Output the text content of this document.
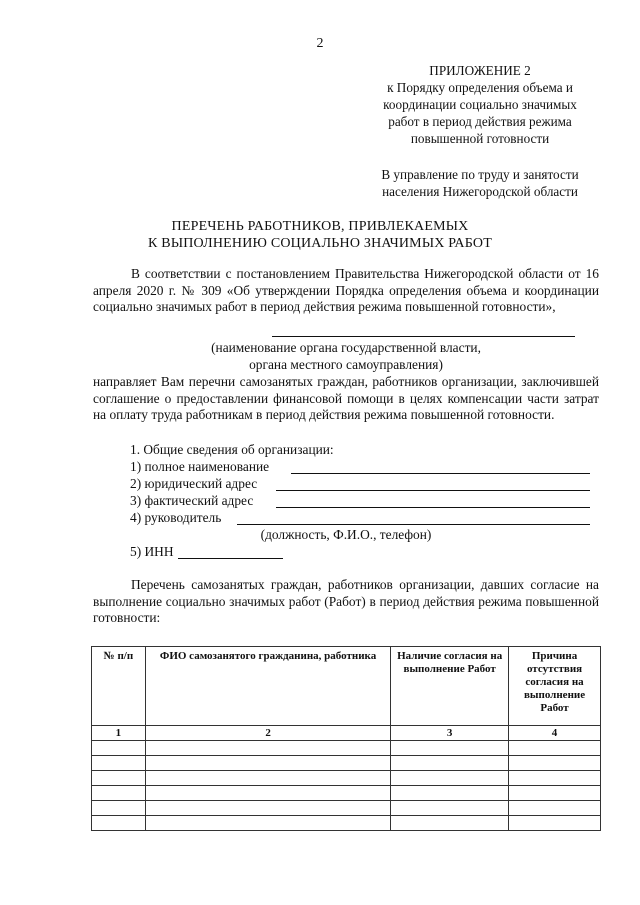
2
ПРИЛОЖЕНИЕ 2
к Порядку определения объема и
координации социально значимых
работ в период действия режима
повышенной готовности
В управление по труду и занятости
населения Нижегородской области
ПЕРЕЧЕНЬ РАБОТНИКОВ, ПРИВЛЕКАЕМЫХ
К ВЫПОЛНЕНИЮ СОЦИАЛЬНО ЗНАЧИМЫХ РАБОТ
В соответствии с постановлением Правительства Нижегородской области от 16 апреля 2020 г. № 309 «Об утверждении Порядка определения объема и координации социально значимых работ в период действия режима повышенной готовности»,
(наименование органа государственной власти,
органа местного самоуправления)
направляет Вам перечни самозанятых граждан, работников организации, заключившей соглашение о предоставлении финансовой помощи в целях компенсации части затрат на оплату труда работникам в период действия режима повышенной готовности.
1. Общие сведения об организации:
1) полное наименование
2) юридический адрес
3) фактический адрес
4) руководитель
(должность, Ф.И.О., телефон)
5) ИНН
Перечень самозанятых граждан, работников организации, давших согласие на выполнение социально значимых работ (Работ) в период действия режима повышенной готовности:
№ п/п	ФИО самозанятого гражданина, работника	Наличие согласия на выполнение Работ	Причина отсутствия согласия на выполнение Работ
1	2	3	4
